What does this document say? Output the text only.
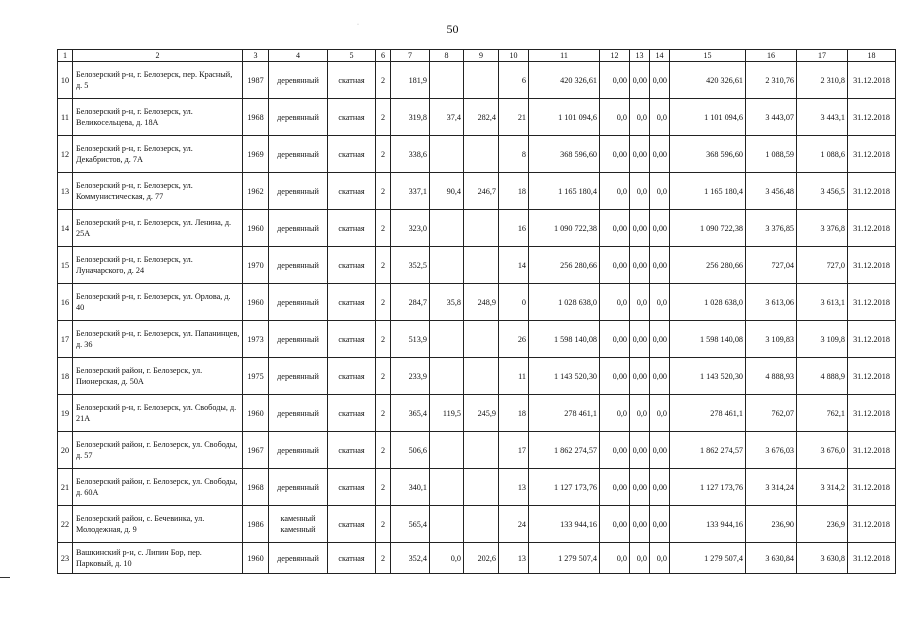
50
·
1	2	3	4	5	6	7	8	9	10	11	12	13	14	15	16	17	18
10	Белозерский р-н, г. Белозерск, пер. Красный, д. 5	1987	деревянный	скатная	2	181,9			6	420 326,61	0,00	0,00	0,00	420 326,61	2 310,76	2 310,8	31.12.2018
11	Белозерский р-н, г. Белозерск, ул. Великосельцева, д. 18А	1968	деревянный	скатная	2	319,8	37,4	282,4	21	1 101 094,6	0,0	0,0	0,0	1 101 094,6	3 443,07	3 443,1	31.12.2018
12	Белозерский р-н, г. Белозерск, ул. Декабристов, д. 7А	1969	деревянный	скатная	2	338,6			8	368 596,60	0,00	0,00	0,00	368 596,60	1 088,59	1 088,6	31.12.2018
13	Белозерский р-н, г. Белозерск, ул. Коммунистическая, д. 77	1962	деревянный	скатная	2	337,1	90,4	246,7	18	1 165 180,4	0,0	0,0	0,0	1 165 180,4	3 456,48	3 456,5	31.12.2018
14	Белозерский р-н, г. Белозерск, ул. Ленина, д. 25А	1960	деревянный	скатная	2	323,0			16	1 090 722,38	0,00	0,00	0,00	1 090 722,38	3 376,85	3 376,8	31.12.2018
15	Белозерский р-н, г. Белозерск, ул. Луначарского, д. 24	1970	деревянный	скатная	2	352,5			14	256 280,66	0,00	0,00	0,00	256 280,66	727,04	727,0	31.12.2018
16	Белозерский р-н, г. Белозерск, ул. Орлова, д. 40	1960	деревянный	скатная	2	284,7	35,8	248,9	0	1 028 638,0	0,0	0,0	0,0	1 028 638,0	3 613,06	3 613,1	31.12.2018
17	Белозерский р-н, г. Белозерск, ул. Папанинцев, д. 36	1973	деревянный	скатная	2	513,9			26	1 598 140,08	0,00	0,00	0,00	1 598 140,08	3 109,83	3 109,8	31.12.2018
18	Белозерский район, г. Белозерск, ул. Пионерская, д. 50А	1975	деревянный	скатная	2	233,9			11	1 143 520,30	0,00	0,00	0,00	1 143 520,30	4 888,93	4 888,9	31.12.2018
19	Белозерский р-н, г. Белозерск, ул. Свободы, д. 21А	1960	деревянный	скатная	2	365,4	119,5	245,9	18	278 461,1	0,0	0,0	0,0	278 461,1	762,07	762,1	31.12.2018
20	Белозерский район, г. Белозерск, ул. Свободы, д. 57	1967	деревянный	скатная	2	506,6			17	1 862 274,57	0,00	0,00	0,00	1 862 274,57	3 676,03	3 676,0	31.12.2018
21	Белозерский район, г. Белозерск, ул. Свободы, д. 60А	1968	деревянный	скатная	2	340,1			13	1 127 173,76	0,00	0,00	0,00	1 127 173,76	3 314,24	3 314,2	31.12.2018
22	Белозерский район, с. Бечевинка, ул. Молодежная, д. 9	1986	каменный каменный	скатная	2	565,4			24	133 944,16	0,00	0,00	0,00	133 944,16	236,90	236,9	31.12.2018
23	Вашкинский р-н, с. Липин Бор, пер. Парковый, д. 10	1960	деревянный	скатная	2	352,4	0,0	202,6	13	1 279 507,4	0,0	0,0	0,0	1 279 507,4	3 630,84	3 630,8	31.12.2018
